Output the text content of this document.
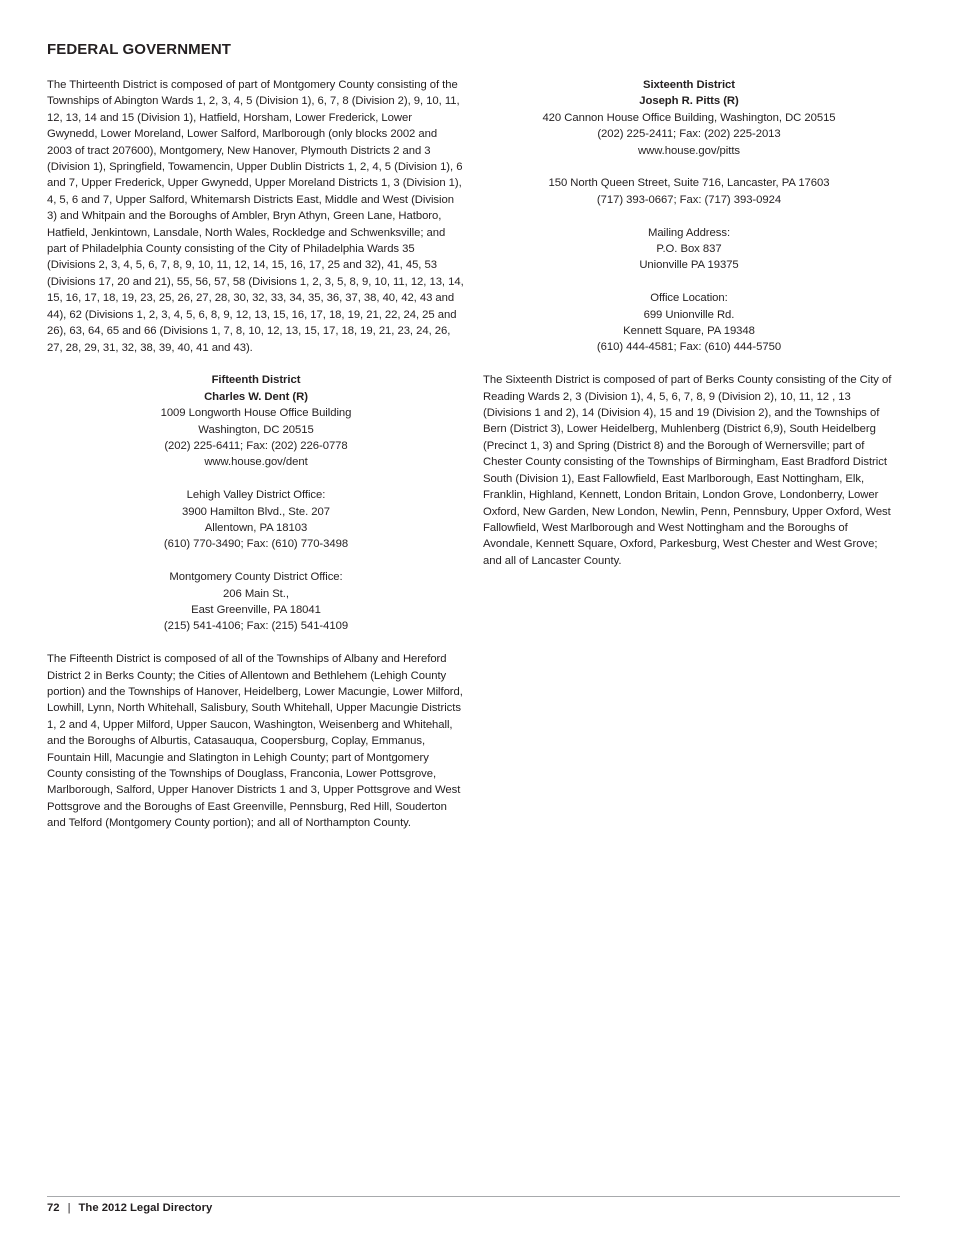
FEDERAL GOVERNMENT

The Thirteenth District is composed of part of Montgomery County consisting of the Townships of Abington Wards 1, 2, 3, 4, 5 (Division 1), 6, 7, 8 (Division 2), 9, 10, 11, 12, 13, 14 and 15 (Division 1), Hatfield, Horsham, Lower Frederick, Lower Gwynedd, Lower Moreland, Lower Salford, Marlborough (only blocks 2002 and 2003 of tract 207600), Montgomery, New Hanover, Plymouth Districts 2 and 3 (Division 1), Springfield, Towamencin, Upper Dublin Districts 1, 2, 4, 5 (Division 1), 6 and 7, Upper Frederick, Upper Gwynedd, Upper Moreland Districts 1, 3 (Division 1), 4, 5, 6 and 7, Upper Salford, Whitemarsh Districts East, Middle and West (Division 3) and Whitpain and the Boroughs of Ambler, Bryn Athyn, Green Lane, Hatboro, Hatfield, Jenkintown, Lansdale, North Wales, Rockledge and Schwenksville; and part of Philadelphia County consisting of the City of Philadelphia Wards 35 (Divisions 2, 3, 4, 5, 6, 7, 8, 9, 10, 11, 12, 14, 15, 16, 17, 25 and 32), 41, 45, 53 (Divisions 17, 20 and 21), 55, 56, 57, 58 (Divisions 1, 2, 3, 5, 8, 9, 10, 11, 12, 13, 14, 15, 16, 17, 18, 19, 23, 25, 26, 27, 28, 30, 32, 33, 34, 35, 36, 37, 38, 40, 42, 43 and 44), 62 (Divisions 1, 2, 3, 4, 5, 6, 8, 9, 12, 13, 15, 16, 17, 18, 19, 21, 22, 24, 25 and 26), 63, 64, 65 and 66 (Divisions 1, 7, 8, 10, 12, 13, 15, 17, 18, 19, 21, 23, 24, 26, 27, 28, 29, 31, 32, 38, 39, 40, 41 and 43).

Fifteenth District
Charles W. Dent (R)
1009 Longworth House Office Building
Washington, DC 20515
(202) 225-6411; Fax: (202) 226-0778
www.house.gov/dent
Lehigh Valley District Office:
3900 Hamilton Blvd., Ste. 207
Allentown, PA 18103
(610) 770-3490; Fax: (610) 770-3498
Montgomery County District Office:
206 Main St.,
East Greenville, PA 18041
(215) 541-4106; Fax: (215) 541-4109

The Fifteenth District is composed of all of the Townships of Albany and Hereford District 2 in Berks County; the Cities of Allentown and Bethlehem (Lehigh County portion) and the Townships of Hanover, Heidelberg, Lower Macungie, Lower Milford, Lowhill, Lynn, North Whitehall, Salisbury, South Whitehall, Upper Macungie Districts 1, 2 and 4, Upper Milford, Upper Saucon, Washington, Weisenberg and Whitehall, and the Boroughs of Alburtis, Catasauqua, Coopersburg, Coplay, Emmanus, Fountain Hill, Macungie and Slatington in Lehigh County; part of Montgomery County consisting of the Townships of Douglass, Franconia, Lower Pottsgrove, Marlborough, Salford, Upper Hanover Districts 1 and 3, Upper Pottsgrove and West Pottsgrove and the Boroughs of East Greenville, Pennsburg, Red Hill, Souderton and Telford (Montgomery County portion); and all of Northampton County.

Sixteenth District
Joseph R. Pitts (R)
420 Cannon House Office Building, Washington, DC 20515
(202) 225-2411; Fax: (202) 225-2013
www.house.gov/pitts
150 North Queen Street, Suite 716, Lancaster, PA 17603
(717) 393-0667; Fax: (717) 393-0924
Mailing Address:
P.O. Box 837
Unionville PA 19375
Office Location:
699 Unionville Rd.
Kennett Square, PA 19348
(610) 444-4581; Fax: (610) 444-5750

The Sixteenth District is composed of part of Berks County consisting of the City of Reading Wards 2, 3 (Division 1), 4, 5, 6, 7, 8, 9 (Division 2), 10, 11, 12 , 13 (Divisions 1 and 2), 14 (Division 4), 15 and 19 (Division 2), and the Townships of Bern (District 3), Lower Heidelberg, Muhlenberg (District 6,9), South Heidelberg (Precinct 1, 3) and Spring (District 8) and the Borough of Wernersville; part of Chester County consisting of the Townships of Birmingham, East Bradford District South (Division 1), East Fallowfield, East Marlborough, East Nottingham, Elk, Franklin, Highland, Kennett, London Britain, London Grove, Londonberry, Lower Oxford, New Garden, New London, Newlin, Penn, Pennsbury, Upper Oxford, West Fallowfield, West Marlborough and West Nottingham and the Boroughs of Avondale, Kennett Square, Oxford, Parkesburg, West Chester and West Grove; and all of Lancaster County.

72 | The 2012 Legal Directory
